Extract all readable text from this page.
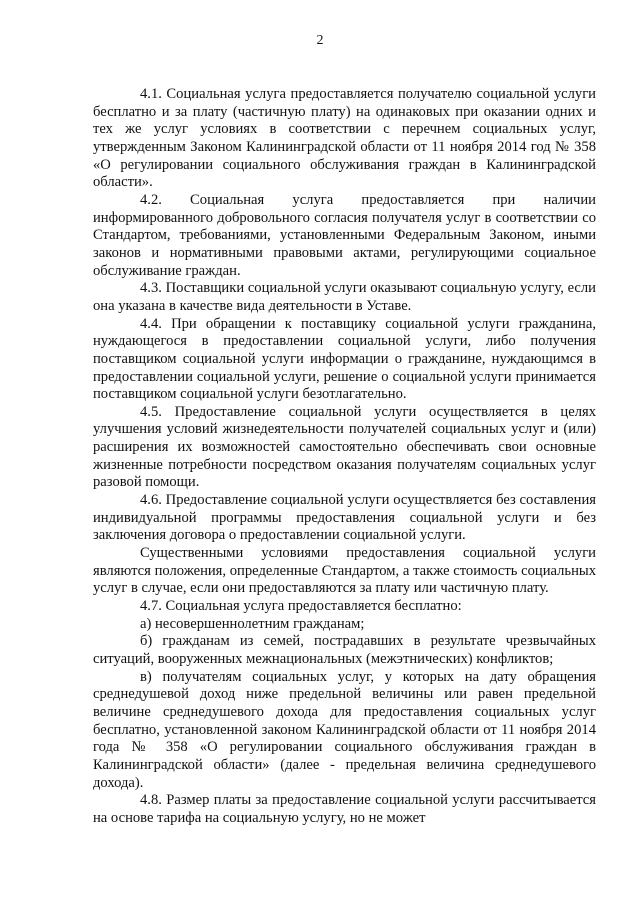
2

4.1. Социальная услуга предоставляется получателю социальной услуги бесплатно и за плату (частичную плату) на одинаковых при оказании одних и тех же услуг условиях в соответствии с перечнем социальных услуг, утвержденным Законом Калининградской области от 11 ноября 2014 год № 358 «О регулировании социального обслуживания граждан в Калининградской области».

4.2. Социальная услуга предоставляется при наличии информированного добровольного согласия получателя услуг в соответствии со Стандартом, требованиями, установленными Федеральным Законом, иными законов и нормативными правовыми актами, регулирующими социальное обслуживание граждан.

4.3. Поставщики социальной услуги оказывают социальную услугу, если она указана в качестве вида деятельности в Уставе.

4.4. При обращении к поставщику социальной услуги гражданина, нуждающегося в предоставлении социальной услуги, либо получения поставщиком социальной услуги информации о гражданине, нуждающимся в предоставлении социальной услуги, решение о социальной услуги принимается поставщиком социальной услуги безотлагательно.

4.5. Предоставление социальной услуги осуществляется в целях улучшения условий жизнедеятельности получателей социальных услуг и (или) расширения их возможностей самостоятельно обеспечивать свои основные жизненные потребности посредством оказания получателям социальных услуг разовой помощи.

4.6. Предоставление социальной услуги осуществляется без составления индивидуальной программы предоставления социальной услуги и без заключения договора о предоставлении социальной услуги.

Существенными условиями предоставления социальной услуги являются положения, определенные Стандартом, а также стоимость социальных услуг в случае, если они предоставляются за плату или частичную плату.

4.7. Социальная услуга предоставляется бесплатно:

а) несовершеннолетним гражданам;

б) гражданам из семей, пострадавших в результате чрезвычайных ситуаций, вооруженных межнациональных (межэтнических) конфликтов;

в) получателям социальных услуг, у которых на дату обращения среднедушевой доход ниже предельной величины или равен предельной величине среднедушевого дохода для предоставления социальных услуг бесплатно, установленной законом Калининградской области от 11 ноября 2014 года № 358 «О регулировании социального обслуживания граждан в Калининградской области» (далее - предельная величина среднедушевого дохода).

4.8. Размер платы за предоставление социальной услуги рассчитывается на основе тарифа на социальную услугу, но не может
